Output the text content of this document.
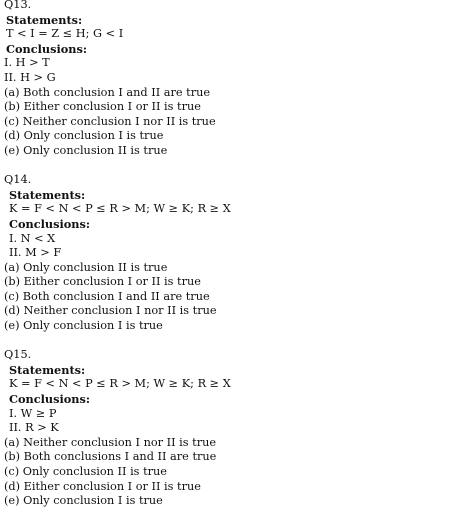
Q13.
Statements:
T < I = Z ≤ H; G < I
Conclusions:
I. H > T
II. H > G
(a) Both conclusion I and II are true
(b) Either conclusion I or II is true
(c) Neither conclusion I nor II is true
(d) Only conclusion I is true
(e) Only conclusion II is true
Q14.
Statements:
K = F < N < P ≤ R > M; W ≥ K; R ≥ X
Conclusions:
I. N < X
II. M > F
(a) Only conclusion II is true
(b) Either conclusion I or II is true
(c) Both conclusion I and II are true
(d) Neither conclusion I nor II is true
(e) Only conclusion I is true
Q15.
Statements:
K = F < N < P ≤ R > M; W ≥ K; R ≥ X
Conclusions:
I. W ≥ P
II. R > K
(a) Neither conclusion I nor II is true
(b) Both conclusions I and II are true
(c) Only conclusion II is true
(d) Either conclusion I or II is true
(e) Only conclusion I is true
